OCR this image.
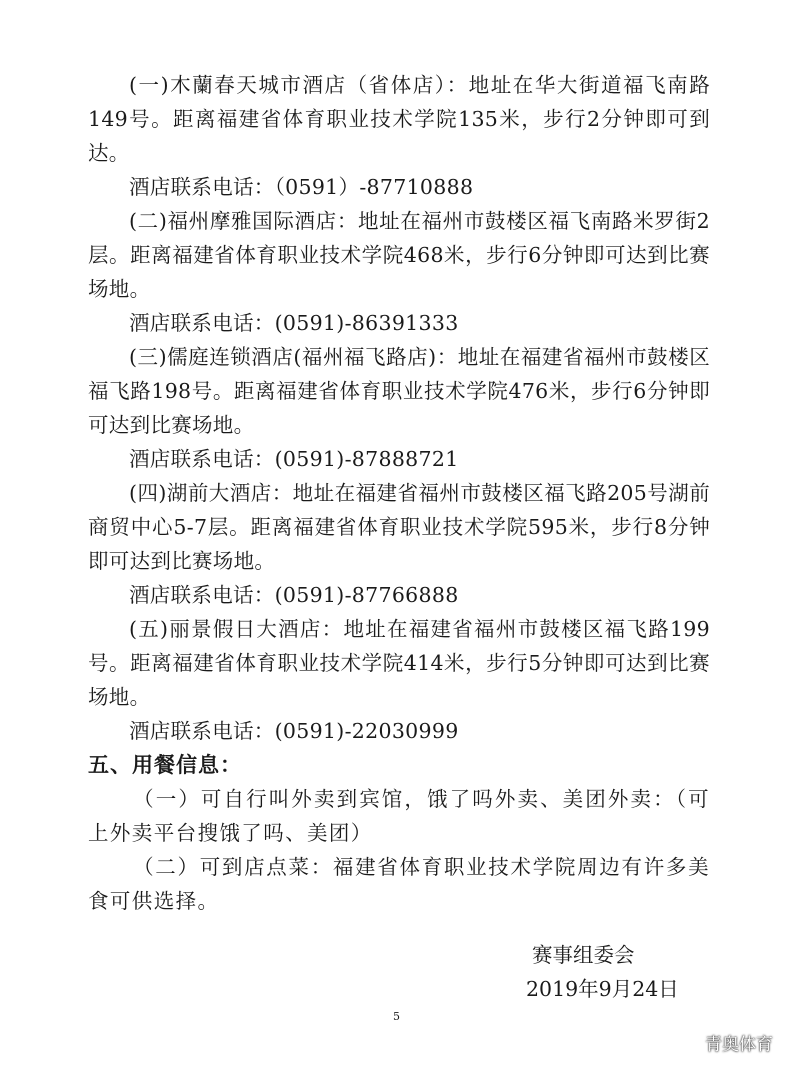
(一)木蘭春天城市酒店（省体店）：地址在华大街道福飞南路149号。距离福建省体育职业技术学院135米，步行2分钟即可到达。

酒店联系电话：（0591）-87710888

(二)福州摩雅国际酒店：地址在福州市鼓楼区福飞南路米罗街2层。距离福建省体育职业技术学院468米，步行6分钟即可达到比赛场地。

酒店联系电话：(0591)-86391333

(三)儒庭连锁酒店(福州福飞路店)：地址在福建省福州市鼓楼区福飞路198号。距离福建省体育职业技术学院476米，步行6分钟即可达到比赛场地。

酒店联系电话：(0591)-87888721

(四)湖前大酒店：地址在福建省福州市鼓楼区福飞路205号湖前商贸中心5-7层。距离福建省体育职业技术学院595米，步行8分钟即可达到比赛场地。

酒店联系电话：(0591)-87766888

(五)丽景假日大酒店：地址在福建省福州市鼓楼区福飞路199号。距离福建省体育职业技术学院414米，步行5分钟即可达到比赛场地。

酒店联系电话：(0591)-22030999

五、用餐信息：

（一）可自行叫外卖到宾馆，饿了吗外卖、美团外卖：（可上外卖平台搜饿了吗、美团）

（二）可到店点菜：福建省体育职业技术学院周边有许多美食可供选择。

赛事组委会
2019年9月24日
5
青奥体育
